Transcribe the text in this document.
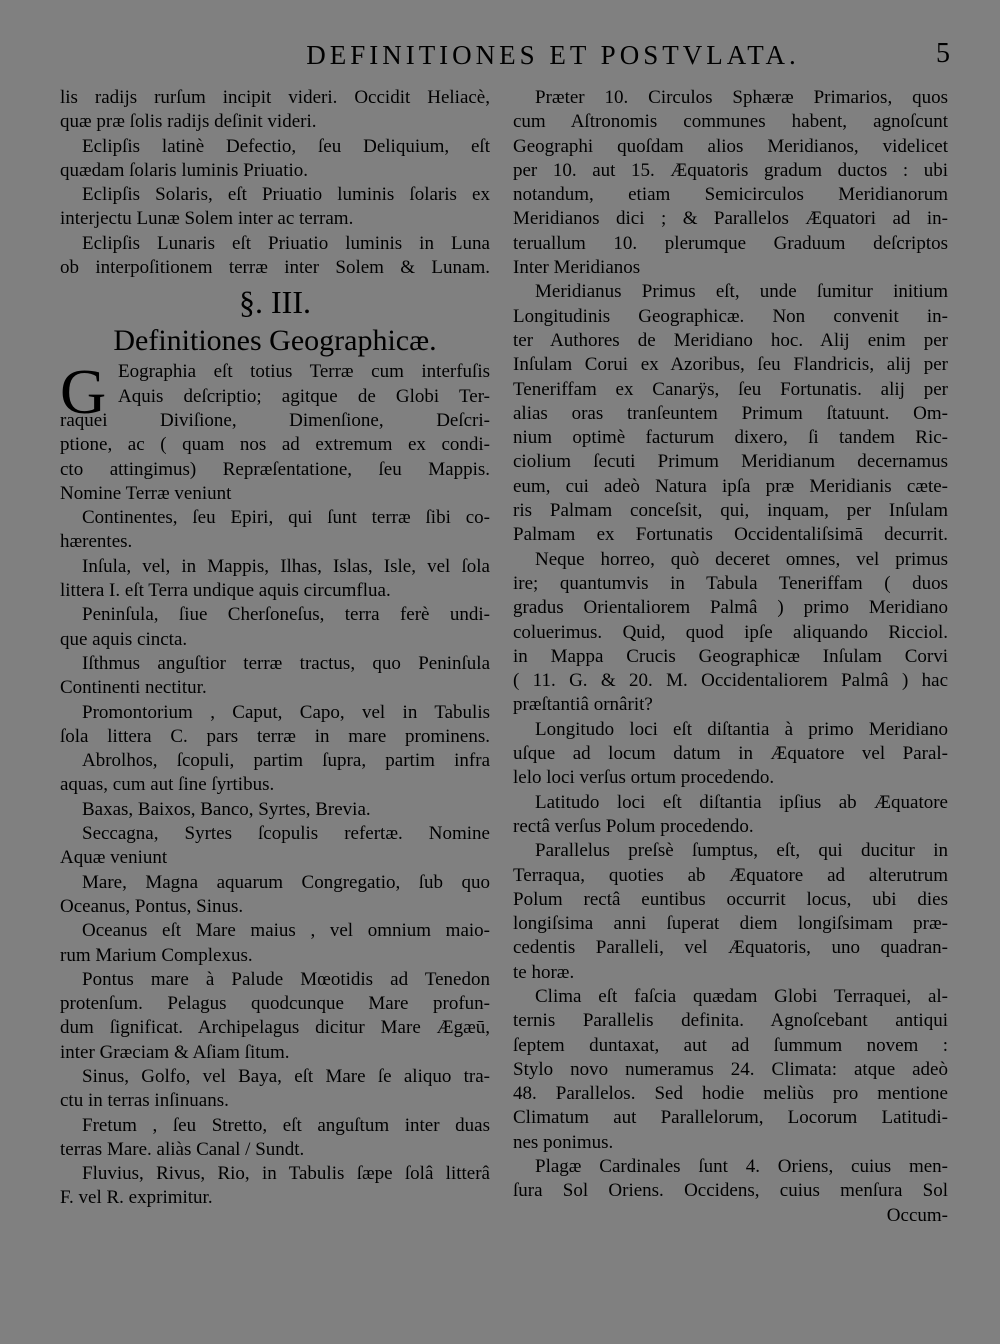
DEFINITIONES ET POSTVLATA.	5
lis radijs rurſum incipit videri. Occidit Heliacè,
quæ præ ſolis radijs deſinit videri.
Eclipſis latinè Defectio, ſeu Deliquium, eſt
quædam ſolaris luminis Priuatio.
Eclipſis Solaris, eſt Priuatio luminis ſolaris ex
interjectu Lunæ Solem inter ac terram.
Eclipſis Lunaris eſt Priuatio luminis in Luna
ob interpoſitionem terræ inter Solem & Lunam.
§. III.
Definitiones Geographicæ.
G Eographia eſt totius Terræ cum interfuſis
Aquis deſcriptio; agitque de Globi Ter-
raquei Diviſione, Dimenſione, Deſcri-
ptione, ac ( quam nos ad extremum ex condi-
cto attingimus) Repræſentatione, ſeu Mappis.
Nomine Terræ veniunt
Continentes, ſeu Epiri, qui ſunt terræ ſibi co-
hærentes.
Inſula, vel, in Mappis, Ilhas, Islas, Isle, vel ſola
littera I. eſt Terra undique aquis circumflua.
Peninſula, ſiue Cherſoneſus, terra ferè undi-
que aquis cincta.
Iſthmus anguſtior terræ tractus, quo Peninſula
Continenti nectitur.
Promontorium , Caput, Capo, vel in Tabulis
ſola littera C. pars terræ in mare prominens.
Abrolhos, ſcopuli, partim ſupra, partim infra
aquas, cum aut ſine ſyrtibus.
Baxas, Baixos, Banco, Syrtes, Brevia.
Seccagna, Syrtes ſcopulis refertæ. Nomine
Aquæ veniunt
Mare, Magna aquarum Congregatio, ſub quo
Oceanus, Pontus, Sinus.
Oceanus eſt Mare maius , vel omnium maio-
rum Marium Complexus.
Pontus mare à Palude Mœotidis ad Tenedon
protenſum. Pelagus quodcunque Mare profun-
dum ſignificat. Archipelagus dicitur Mare Ægæū,
inter Græciam & Aſiam ſitum.
Sinus, Golfo, vel Baya, eſt Mare ſe aliquo tra-
ctu in terras inſinuans.
Fretum , ſeu Stretto, eſt anguſtum inter duas
terras Mare. aliàs Canal / Sundt.
Fluvius, Rivus, Rio, in Tabulis ſæpe ſolâ litterâ
F. vel R. exprimitur.
Præter 10. Circulos Sphæræ Primarios, quos
cum Aſtronomis communes habent, agnoſcunt
Geographi quoſdam alios Meridianos, videlicet
per 10. aut 15. Æquatoris gradum ductos : ubi
notandum, etiam Semicirculos Meridianorum
Meridianos dici ; & Parallelos Æquatori ad in-
teruallum 10. plerumque Graduum deſcriptos
Inter Meridianos
Meridianus Primus eſt, unde ſumitur initium
Longitudinis Geographicæ. Non convenit in-
ter Authores de Meridiano hoc. Alij enim per
Inſulam Corui ex Azoribus, ſeu Flandricis, alij per
Teneriffam ex Canarÿs, ſeu Fortunatis. alij per
alias oras tranſeuntem Primum ſtatuunt. Om-
nium optimè facturum dixero, ſi tandem Ric-
ciolium ſecuti Primum Meridianum decernamus
eum, cui adeò Natura ipſa præ Meridianis cæte-
ris Palmam conceſsit, qui, inquam, per Inſulam
Palmam ex Fortunatis Occidentaliſsimā decurrit.
Neque horreo, quò deceret omnes, vel primus
ire; quantumvis in Tabula Teneriffam ( duos
gradus Orientaliorem Palmâ ) primo Meridiano
coluerimus. Quid, quod ipſe aliquando Ricciol.
in Mappa Crucis Geographicæ Inſulam Corvi
( 11. G. & 20. M. Occidentaliorem Palmâ ) hac
præſtantiâ ornârit?
Longitudo loci eſt diſtantia à primo Meridiano
uſque ad locum datum in Æquatore vel Paral-
lelo loci verſus ortum procedendo.
Latitudo loci eſt diſtantia ipſius ab Æquatore
rectâ verſus Polum procedendo.
Parallelus preſsè ſumptus, eſt, qui ducitur in
Terraqua, quoties ab Æquatore ad alterutrum
Polum rectâ euntibus occurrit locus, ubi dies
longiſsima anni ſuperat diem longiſsimam præ-
cedentis Paralleli, vel Æquatoris, uno quadran-
te horæ.
Clima eſt faſcia quædam Globi Terraquei, al-
ternis Parallelis definita. Agnoſcebant antiqui
ſeptem duntaxat, aut ad ſummum novem :
Stylo novo numeramus 24. Climata: atque adeò
48. Parallelos. Sed hodie meliùs pro mentione
Climatum aut Parallelorum, Locorum Latitudi-
nes ponimus.
Plagæ Cardinales ſunt 4. Oriens, cuius men-
ſura Sol Oriens. Occidens, cuius menſura Sol
Occum-
